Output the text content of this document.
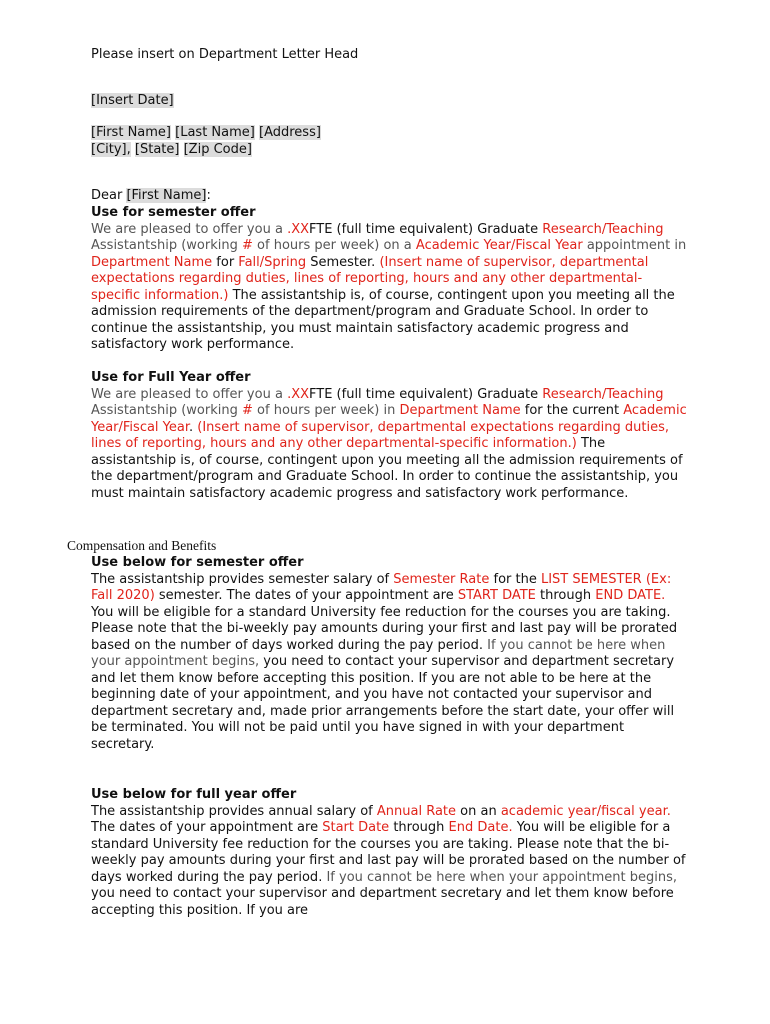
Please insert on Department Letter Head
[Insert Date]
[First Name] [Last Name] [Address]
[City], [State] [Zip Code]
Dear [First Name]:
Use for semester offer
We are pleased to offer you a .XXFTE (full time equivalent) Graduate Research/Teaching Assistantship (working # of hours per week) on a Academic Year/Fiscal Year appointment in Department Name for Fall/Spring Semester. (Insert name of supervisor, departmental expectations regarding duties, lines of reporting, hours and any other departmental-specific information.) The assistantship is, of course, contingent upon you meeting all the admission requirements of the department/program and Graduate School. In order to continue the assistantship, you must maintain satisfactory academic progress and satisfactory work performance.
Use for Full Year offer
We are pleased to offer you a .XXFTE (full time equivalent) Graduate Research/Teaching Assistantship (working # of hours per week) in Department Name for the current Academic Year/Fiscal Year. (Insert name of supervisor, departmental expectations regarding duties, lines of reporting, hours and any other departmental-specific information.) The assistantship is, of course, contingent upon you meeting all the admission requirements of the department/program and Graduate School. In order to continue the assistantship, you must maintain satisfactory academic progress and satisfactory work performance.
Compensation and Benefits
Use below for semester offer
The assistantship provides semester salary of Semester Rate for the LIST SEMESTER (Ex: Fall 2020) semester. The dates of your appointment are START DATE through END DATE. You will be eligible for a standard University fee reduction for the courses you are taking. Please note that the bi-weekly pay amounts during your first and last pay will be prorated based on the number of days worked during the pay period. If you cannot be here when your appointment begins, you need to contact your supervisor and department secretary and let them know before accepting this position. If you are not able to be here at the beginning date of your appointment, and you have not contacted your supervisor and department secretary and, made prior arrangements before the start date, your offer will be terminated. You will not be paid until you have signed in with your department secretary.
Use below for full year offer
The assistantship provides annual salary of Annual Rate on an academic year/fiscal year. The dates of your appointment are Start Date through End Date. You will be eligible for a standard University fee reduction for the courses you are taking. Please note that the bi-weekly pay amounts during your first and last pay will be prorated based on the number of days worked during the pay period. If you cannot be here when your appointment begins, you need to contact your supervisor and department secretary and let them know before accepting this position. If you are
